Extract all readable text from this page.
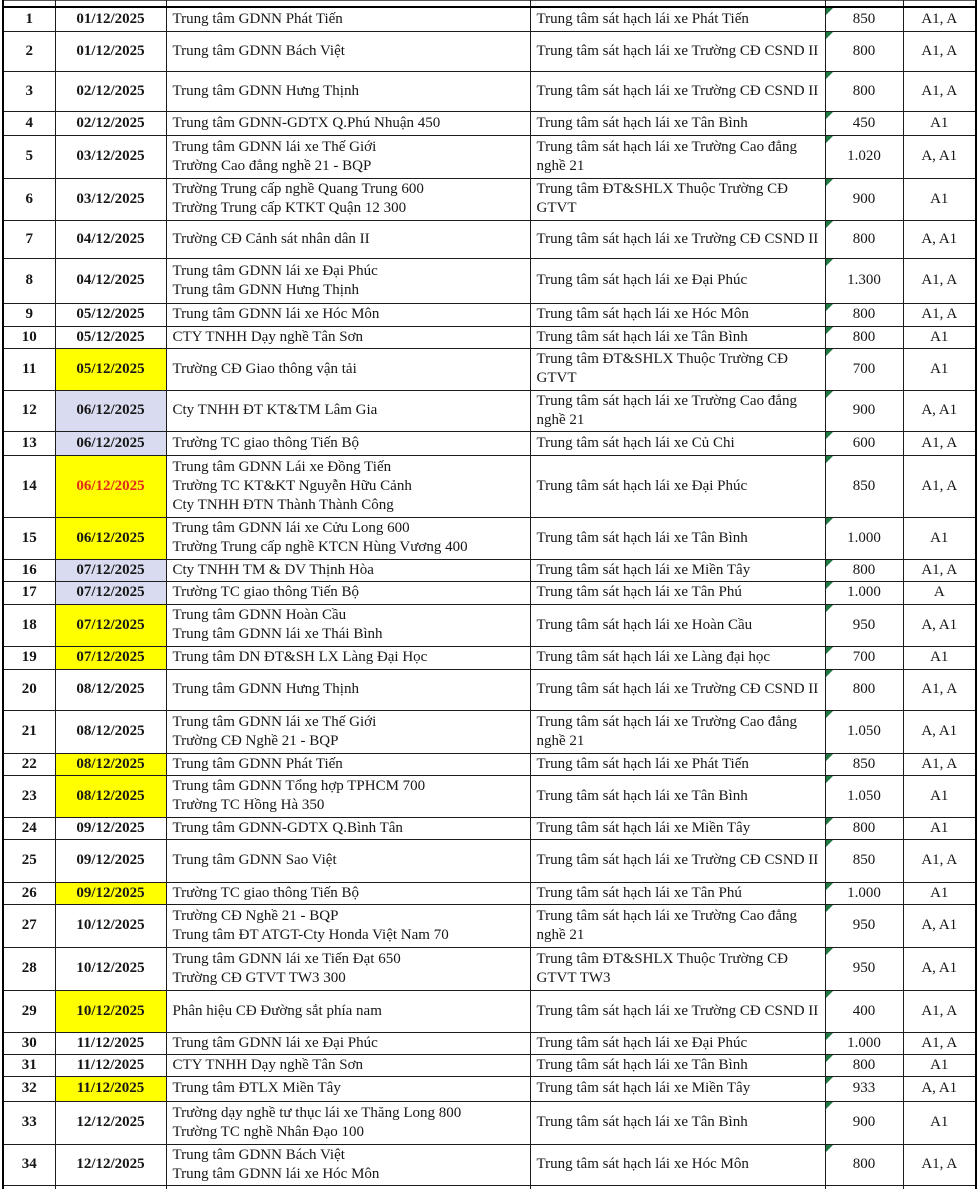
1	01/12/2025	Trung tâm GDNN Phát Tiến	Trung tâm sát hạch lái xe Phát Tiến	850	A1, A
2	01/12/2025	Trung tâm GDNN Bách Việt	Trung tâm sát hạch lái xe Trường CĐ CSND II	800	A1, A
3	02/12/2025	Trung tâm GDNN Hưng Thịnh	Trung tâm sát hạch lái xe Trường CĐ CSND II	800	A1, A
4	02/12/2025	Trung tâm GDNN-GDTX Q.Phú Nhuận 450	Trung tâm sát hạch lái xe Tân Bình	450	A1
5	03/12/2025	Trung tâm GDNN lái xe Thế Giới
Trường Cao đẳng nghề 21 - BQP	Trung tâm sát hạch lái xe Trường Cao đẳng nghề 21	1.020	A, A1
6	03/12/2025	Trường Trung cấp nghề Quang Trung 600
Trường Trung cấp KTKT Quận 12 300	Trung tâm ĐT&SHLX Thuộc Trường CĐ GTVT	900	A1
7	04/12/2025	Trường CĐ Cảnh sát nhân dân II	Trung tâm sát hạch lái xe Trường CĐ CSND II	800	A, A1
8	04/12/2025	Trung tâm GDNN lái xe Đại Phúc
Trung tâm GDNN Hưng Thịnh	Trung tâm sát hạch lái xe Đại Phúc	1.300	A1, A
9	05/12/2025	Trung tâm GDNN lái xe Hóc Môn	Trung tâm sát hạch lái xe Hóc Môn	800	A1, A
10	05/12/2025	CTY TNHH Dạy nghề Tân Sơn	Trung tâm sát hạch lái xe Tân Bình	800	A1
11	05/12/2025	Trường CĐ Giao thông vận tải	Trung tâm ĐT&SHLX Thuộc Trường CĐ GTVT	700	A1
12	06/12/2025	Cty TNHH ĐT KT&TM Lâm Gia	Trung tâm sát hạch lái xe Trường Cao đẳng nghề 21	900	A, A1
13	06/12/2025	Trường TC giao thông Tiến Bộ	Trung tâm sát hạch lái xe Củ Chi	600	A1, A
14	06/12/2025	Trung tâm GDNN Lái xe Đồng Tiến
Trường TC KT&KT Nguyễn Hữu Cảnh
Cty TNHH ĐTN Thành Thành Công	Trung tâm sát hạch lái xe Đại Phúc	850	A1, A
15	06/12/2025	Trung tâm GDNN lái xe Cửu Long 600
Trường Trung cấp nghề KTCN Hùng Vương 400	Trung tâm sát hạch lái xe Tân Bình	1.000	A1

16	07/12/2025	Cty TNHH TM & DV Thịnh Hòa	Trung tâm sát hạch lái xe Miền Tây	800	A1, A
17	07/12/2025	Trường TC giao thông Tiến Bộ	Trung tâm sát hạch lái xe Tân Phú	1.000	A
18	07/12/2025	Trung tâm GDNN Hoàn Cầu
Trung tâm GDNN lái xe Thái Bình	Trung tâm sát hạch lái xe Hoàn Cầu	950	A, A1
19	07/12/2025	Trung tâm DN ĐT&SH LX Làng Đại Học	Trung tâm sát hạch lái xe Làng đại học	700	A1
20	08/12/2025	Trung tâm GDNN Hưng Thịnh	Trung tâm sát hạch lái xe Trường CĐ CSND II	800	A1, A
21	08/12/2025	Trung tâm GDNN lái xe Thế Giới
Trường CĐ Nghề 21 - BQP	Trung tâm sát hạch lái xe Trường Cao đẳng nghề 21	1.050	A, A1
22	08/12/2025	Trung tâm GDNN Phát Tiến	Trung tâm sát hạch lái xe Phát Tiến	850	A1, A
23	08/12/2025	Trung tâm GDNN Tổng hợp TPHCM 700
Trường TC Hồng Hà 350	Trung tâm sát hạch lái xe Tân Bình	1.050	A1
24	09/12/2025	Trung tâm GDNN-GDTX Q.Bình Tân	Trung tâm sát hạch lái xe Miền Tây	800	A1
25	09/12/2025	Trung tâm GDNN Sao Việt	Trung tâm sát hạch lái xe Trường CĐ CSND II	850	A1, A
26	09/12/2025	Trường TC giao thông Tiến Bộ	Trung tâm sát hạch lái xe Tân Phú	1.000	A1
27	10/12/2025	Trường CĐ Nghề 21 - BQP
Trung tâm ĐT ATGT-Cty Honda Việt Nam 70	Trung tâm sát hạch lái xe Trường Cao đẳng nghề 21	950	A, A1
28	10/12/2025	Trung tâm GDNN lái xe Tiến Đạt 650
Trường CĐ GTVT TW3 300	Trung tâm ĐT&SHLX Thuộc Trường CĐ GTVT TW3	950	A, A1
29	10/12/2025	Phân hiệu CĐ Đường sắt phía nam	Trung tâm sát hạch lái xe Trường CĐ CSND II	400	A1, A
30	11/12/2025	Trung tâm GDNN lái xe Đại Phúc	Trung tâm sát hạch lái xe Đại Phúc	1.000	A1, A
31	11/12/2025	CTY TNHH Dạy nghề Tân Sơn	Trung tâm sát hạch lái xe Tân Bình	800	A1
32	11/12/2025	Trung tâm ĐTLX Miền Tây	Trung tâm sát hạch lái xe Miền Tây	933	A, A1
33	12/12/2025	Trường dạy nghề tư thục lái xe Thăng Long 800
Trường TC nghề Nhân Đạo 100	Trung tâm sát hạch lái xe Tân Bình	900	A1
34	12/12/2025	Trung tâm GDNN Bách Việt
Trung tâm GDNN lái xe Hóc Môn	Trung tâm sát hạch lái xe Hóc Môn	800	A1, A
